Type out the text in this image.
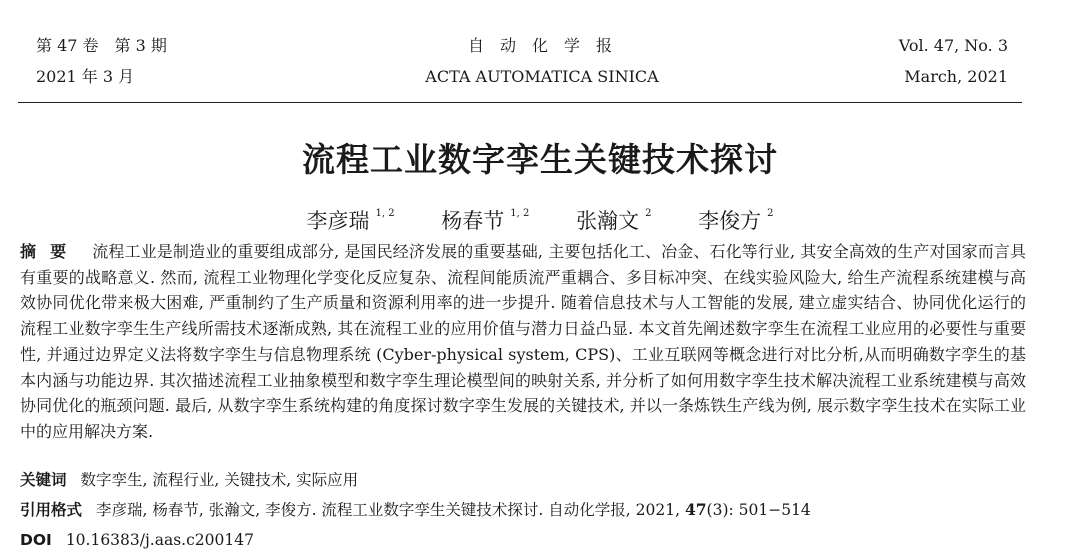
第 47 卷　第 3 期
2021 年 3 月
自　动　化　学　报
ACTA AUTOMATICA SINICA
Vol. 47, No. 3
March, 2021
流程工业数字孪生关键技术探讨
李彦瑞 $^{1, 2}$ 杨春节 $^{1, 2}$ 张瀚文 $^2$ 李俊方 $^2$
摘要 流程工业是制造业的重要组成部分, 是国民经济发展的重要基础, 主要包括化工、冶金、石化等行业, 其安全高效的生产对国家而言具有重要的战略意义. 然而, 流程工业物理化学变化反应复杂、流程间能质流严重耦合、多目标冲突、在线实验风险大, 给生产流程系统建模与高效协同优化带来极大困难, 严重制约了生产质量和资源利用率的进一步提升. 随着信息技术与人工智能的发展, 建立虚实结合、协同优化运行的流程工业数字孪生生产线所需技术逐渐成熟, 其在流程工业的应用价值与潜力日益凸显. 本文首先阐述数字孪生在流程工业应用的必要性与重要性, 并通过边界定义法将数字孪生与信息物理系统 (Cyber-physical system, CPS)、工业互联网等概念进行对比分析,从而明确数字孪生的基本内涵与功能边界. 其次描述流程工业抽象模型和数字孪生理论模型间的映射关系, 并分析了如何用数字孪生技术解决流程工业系统建模与高效协同优化的瓶颈问题. 最后, 从数字孪生系统构建的角度探讨数字孪生发展的关键技术, 并以一条炼铁生产线为例, 展示数字孪生技术在实际工业中的应用解决方案.
关键词 数字孪生, 流程行业, 关键技术, 实际应用
引用格式 李彦瑞, 杨春节, 张瀚文, 李俊方. 流程工业数字孪生关键技术探讨. 自动化学报, 2021, 47(3): 501−514
DOI 10.16383/j.aas.c200147
